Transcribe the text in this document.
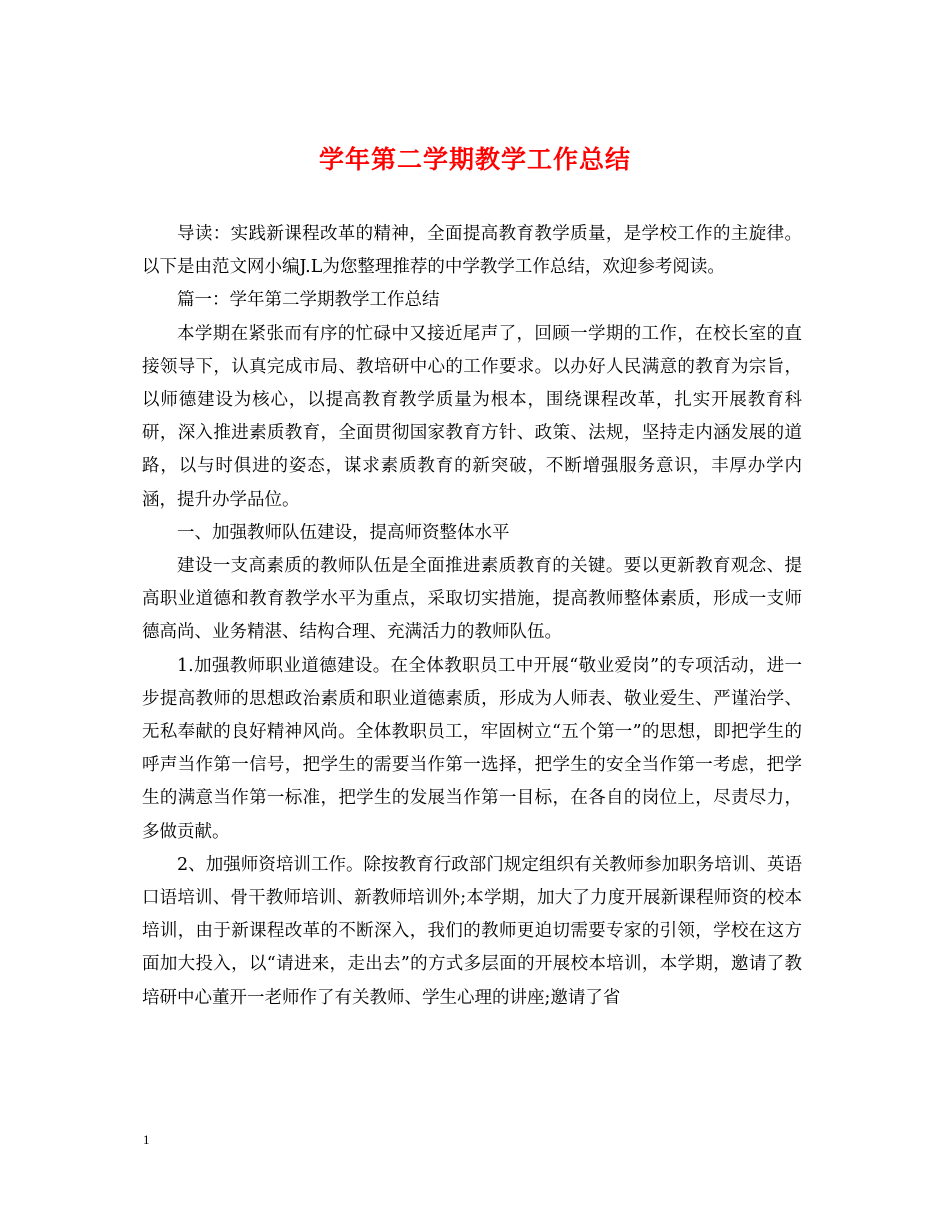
学年第二学期教学工作总结

导读：实践新课程改革的精神，全面提高教育教学质量，是学校工作的主旋律。以下是由范文网小编J.L为您整理推荐的中学教学工作总结，欢迎参考阅读。

篇一：学年第二学期教学工作总结

本学期在紧张而有序的忙碌中又接近尾声了，回顾一学期的工作，在校长室的直接领导下，认真完成市局、教培研中心的工作要求。以办好人民满意的教育为宗旨，以师德建设为核心，以提高教育教学质量为根本，围绕课程改革，扎实开展教育科研，深入推进素质教育，全面贯彻国家教育方针、政策、法规，坚持走内涵发展的道路，以与时俱进的姿态，谋求素质教育的新突破，不断增强服务意识，丰厚办学内涵，提升办学品位。

一、加强教师队伍建设，提高师资整体水平

建设一支高素质的教师队伍是全面推进素质教育的关键。要以更新教育观念、提高职业道德和教育教学水平为重点，采取切实措施，提高教师整体素质，形成一支师德高尚、业务精湛、结构合理、充满活力的教师队伍。

1.加强教师职业道德建设。在全体教职员工中开展“敬业爱岗”的专项活动，进一步提高教师的思想政治素质和职业道德素质，形成为人师表、敬业爱生、严谨治学、无私奉献的良好精神风尚。全体教职员工，牢固树立“五个第一”的思想，即把学生的呼声当作第一信号，把学生的需要当作第一选择，把学生的安全当作第一考虑，把学生的满意当作第一标准，把学生的发展当作第一目标，在各自的岗位上，尽责尽力，多做贡献。

2、加强师资培训工作。除按教育行政部门规定组织有关教师参加职务培训、英语口语培训、骨干教师培训、新教师培训外;本学期，加大了力度开展新课程师资的校本培训，由于新课程改革的不断深入，我们的教师更迫切需要专家的引领，学校在这方面加大投入，以“请进来，走出去”的方式多层面的开展校本培训，本学期，邀请了教培研中心董开一老师作了有关教师、学生心理的讲座;邀请了省

1
